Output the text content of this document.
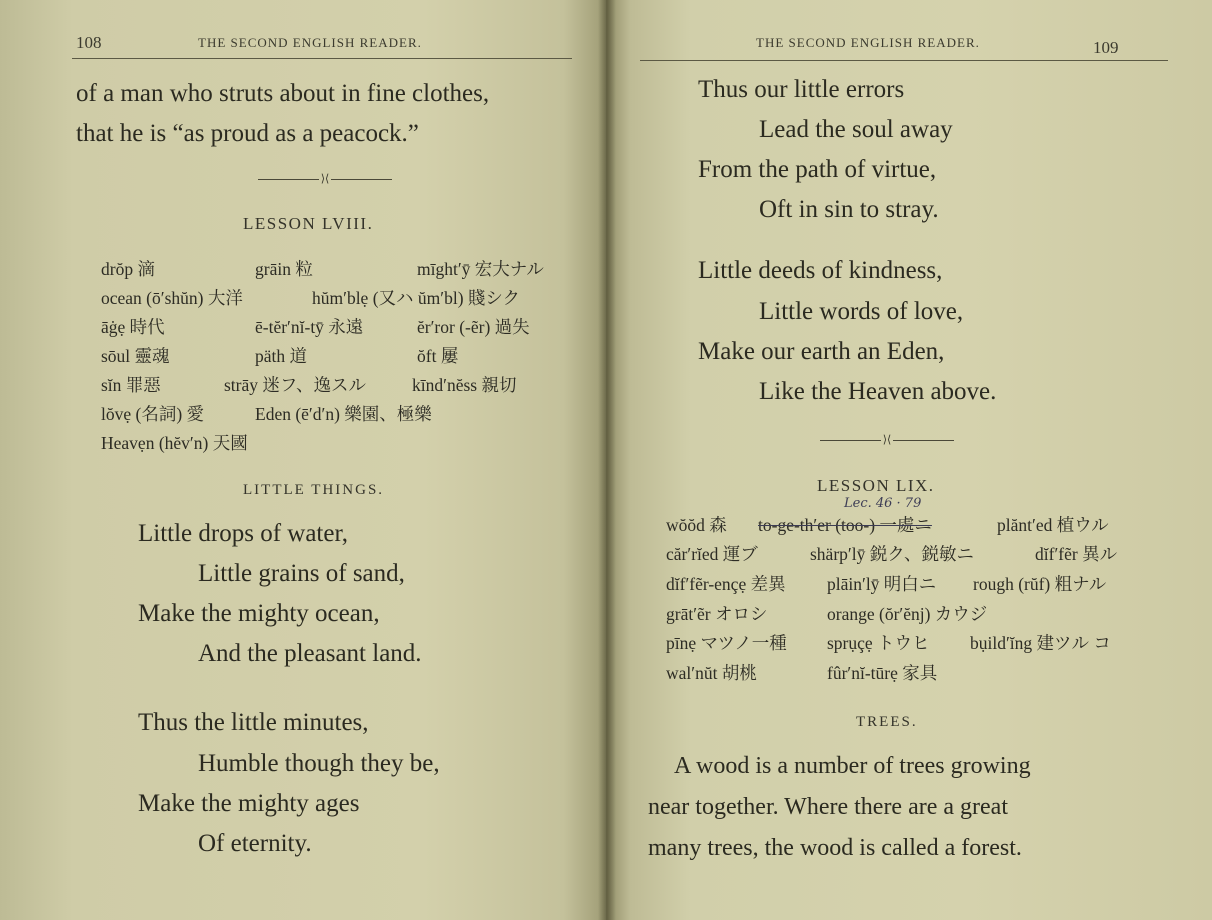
108	THE SECOND ENGLISH READER.
of a man who struts about in fine clothes,
that he is “as proud as a peacock.”
⟩⟨
LESSON LVIII.
drŏp 滴	grāin 粒	mīght′ȳ 宏大ナル
ocean (ō′shŭn) 大洋	hŭm′blẹ (又ハ ŭm′bl) 賤シク
āġẹ 時代	ē-tĕr′nĭ-tȳ 永遠	ĕr′ror (-ẽr) 過失
sōul 靈魂	päth 道	ŏft 屢
sĭn 罪惡	strāy 迷フ、逸スル	kīnd′nĕss 親切
lŏvẹ (名詞) 愛	Eden (ē′d′n) 樂園、極樂
Heavẹn (hĕv′n) 天國
LITTLE THINGS.
Little drops of water,
Little grains of sand,
Make the mighty ocean,
And the pleasant land.
Thus the little minutes,
Humble though they be,
Make the mighty ages
Of eternity.
THE SECOND ENGLISH READER.	109
Thus our little errors
Lead the soul away
From the path of virtue,
Oft in sin to stray.
Little deeds of kindness,
Little words of love,
Make our earth an Eden,
Like the Heaven above.
⟩⟨
LESSON LIX.
Lec. 46 · 79
wŏŏd 森 to-ge-th′er (too-) 一處ニ	plănt′ed 植ウル
căr′rĭed 運ブ	shärp′lȳ 鋭ク、鋭敏ニ	dĭf′fẽr 異ル
dĭf′fẽr-ençẹ 差異 plāin′lȳ 明白ニ rough (rŭf) 粗ナル
grāt′ẽr オロシ	orange (ŏr′ĕnj) カウジ
pīnẹ マツノ一種 sprụçẹ トウヒ bụild′ĭng 建ツル コ
wal′nŭt 胡桃	fûr′nĭ-tūrẹ 家具
TREES.
A wood is a number of trees growing
near together. Where there are a great
many trees, the wood is called a forest.
